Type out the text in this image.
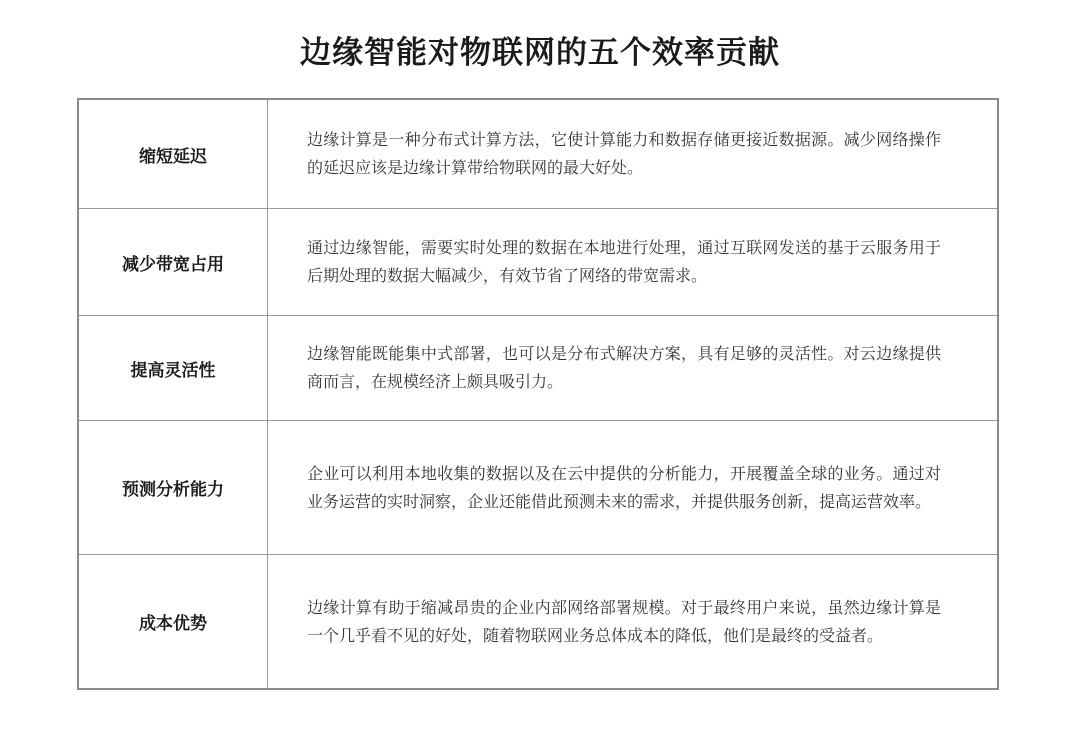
边缘智能对物联网的五个效率贡献
缩短延迟
边缘计算是一种分布式计算方法，它使计算能力和数据存储更接近数据源。减少网络操作的延迟应该是边缘计算带给物联网的最大好处。
减少带宽占用
通过边缘智能，需要实时处理的数据在本地进行处理，通过互联网发送的基于云服务用于后期处理的数据大幅减少，有效节省了网络的带宽需求。
提高灵活性
边缘智能既能集中式部署，也可以是分布式解决方案，具有足够的灵活性。对云边缘提供商而言，在规模经济上颇具吸引力。
预测分析能力
企业可以利用本地收集的数据以及在云中提供的分析能力，开展覆盖全球的业务。通过对业务运营的实时洞察，企业还能借此预测未来的需求，并提供服务创新，提高运营效率。
成本优势
边缘计算有助于缩减昂贵的企业内部网络部署规模。对于最终用户来说，虽然边缘计算是一个几乎看不见的好处，随着物联网业务总体成本的降低，他们是最终的受益者。
